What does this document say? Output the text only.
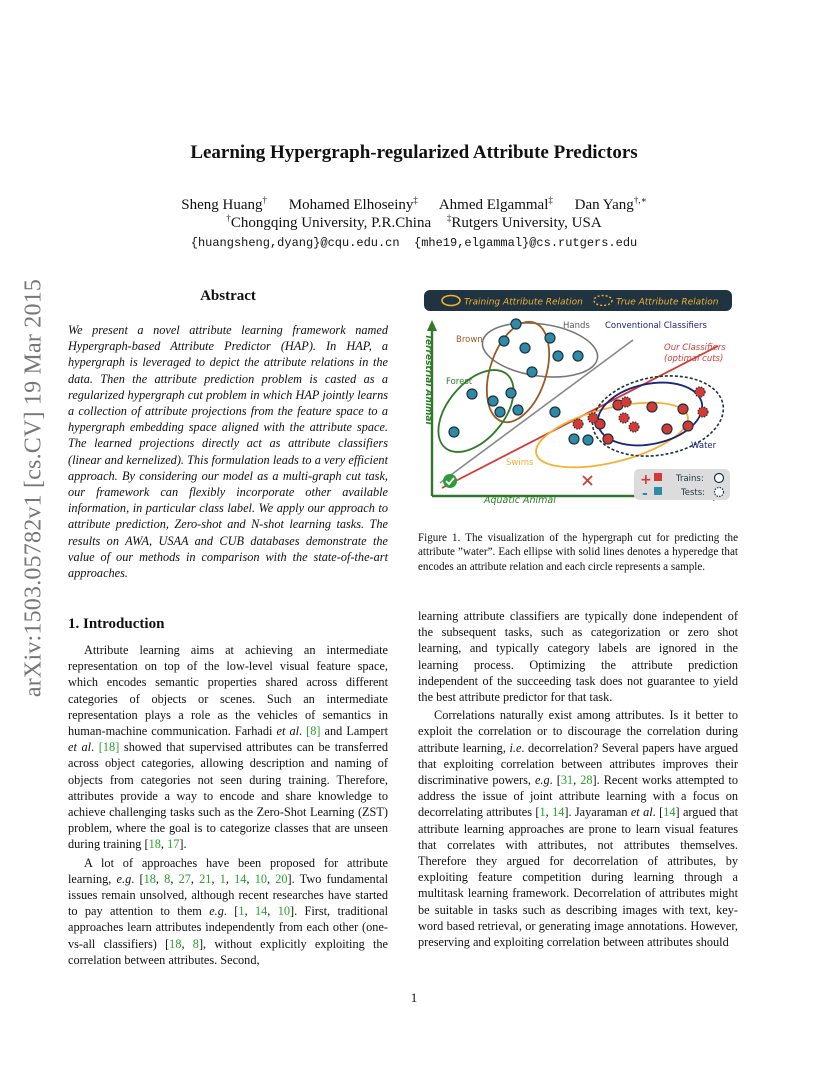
arXiv:1503.05782v1 [cs.CV] 19 Mar 2015
Learning Hypergraph-regularized Attribute Predictors
Sheng Huang† Mohamed Elhoseiny‡ Ahmed Elgammal‡ Dan Yang†,∗
†Chongqing University, P.R.China ‡Rutgers University, USA
{huangsheng,dyang}@cqu.edu.cn {mhe19,elgammal}@cs.rutgers.edu
Abstract
We present a novel attribute learning framework named Hypergraph-based Attribute Predictor (HAP). In HAP, a hypergraph is leveraged to depict the attribute relations in the data. Then the attribute prediction problem is casted as a regularized hypergraph cut problem in which HAP jointly learns a collection of attribute projections from the feature space to a hypergraph embedding space aligned with the attribute space. The learned projections directly act as attribute classifiers (linear and kernelized). This formulation leads to a very efficient approach. By considering our model as a multi-graph cut task, our framework can flexibly incorporate other available information, in particular class label. We apply our approach to attribute prediction, Zero-shot and N-shot learning tasks. The results on AWA, USAA and CUB databases demonstrate the value of our methods in comparison with the state-of-the-art approaches.
1. Introduction

Attribute learning aims at achieving an intermediate representation on top of the low-level visual feature space, which encodes semantic properties shared across different categories of objects or scenes. Such an intermediate representation plays a role as the vehicles of semantics in human-machine communication. Farhadi et al. [8] and Lampert et al. [18] showed that supervised attributes can be transferred across object categories, allowing description and naming of objects from categories not seen during training. Therefore, attributes provide a way to encode and share knowledge to achieve challenging tasks such as the Zero-Shot Learning (ZST) problem, where the goal is to categorize classes that are unseen during training [18, 17].

A lot of approaches have been proposed for attribute learning, e.g. [18, 8, 27, 21, 1, 14, 10, 20]. Two fundamental issues remain unsolved, although recent researches have started to pay attention to them e.g. [1, 14, 10]. First, traditional approaches learn attributes independently from each other (one-vs-all classifiers) [18, 8], without explicitly exploiting the correlation between attributes. Second,

Training Attribute Relation	True Attribute Relation
Terrestrial Animal
Aquatic Animal
Brown
Hands
Forest
Swims
Water
Conventional Classifiers
Our Classifiers
(optimal cuts)
+
-
Trains:
Tests:
Figure 1. The visualization of the hypergraph cut for predicting the attribute ”water”. Each ellipse with solid lines denotes a hyperedge that encodes an attribute relation and each circle represents a sample.

learning attribute classifiers are typically done independent of the subsequent tasks, such as categorization or zero shot learning, and typically category labels are ignored in the learning process. Optimizing the attribute prediction independent of the succeeding task does not guarantee to yield the best attribute predictor for that task.

Correlations naturally exist among attributes. Is it better to exploit the correlation or to discourage the correlation during attribute learning, i.e. decorrelation? Several papers have argued that exploiting correlation between attributes improves their discriminative powers, e.g. [31, 28]. Recent works attempted to address the issue of joint attribute learning with a focus on decorrelating attributes [1, 14]. Jayaraman et al. [14] argued that attribute learning approaches are prone to learn visual features that correlates with attributes, not attributes themselves. Therefore they argued for decorrelation of attributes, by exploiting feature competition during learning through a multitask learning framework. Decorrelation of attributes might be suitable in tasks such as describing images with text, key-word based retrieval, or generating image annotations. However, preserving and exploiting correlation between attributes should

1
